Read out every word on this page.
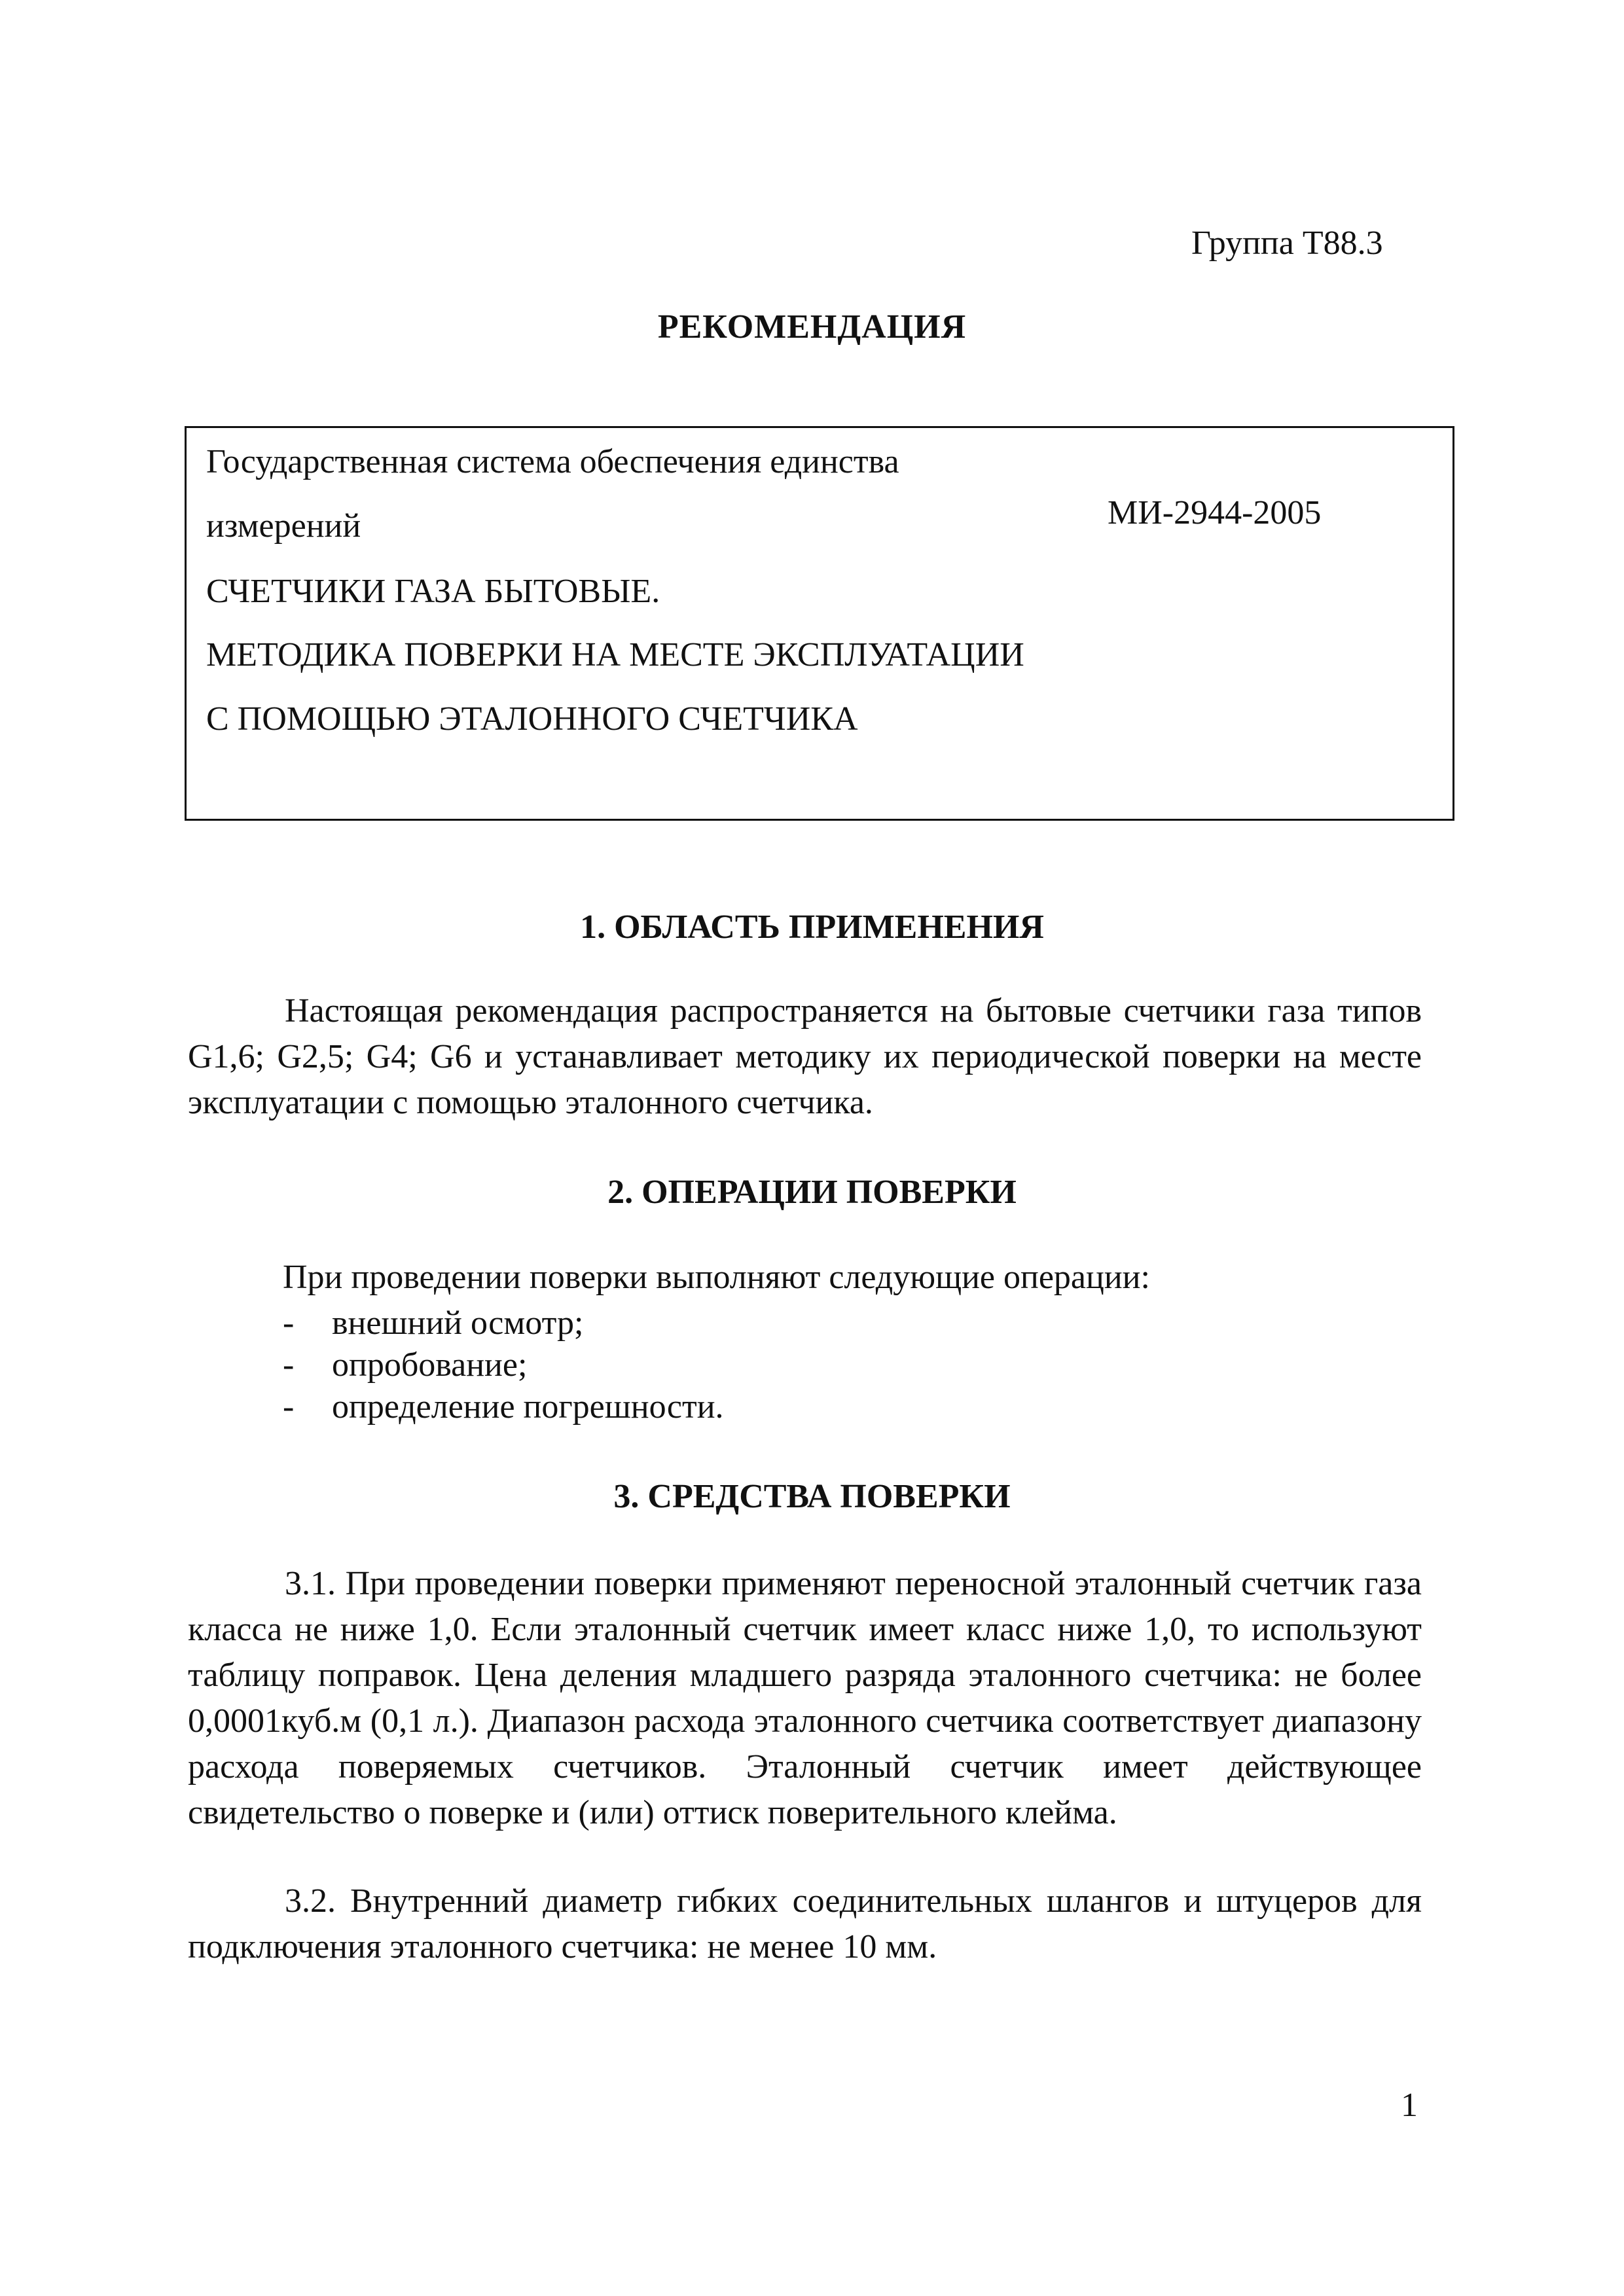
Группа Т88.3
РЕКОМЕНДАЦИЯ
Государственная система обеспечения единства
измерений	МИ-2944-2005
СЧЕТЧИКИ ГАЗА БЫТОВЫЕ.
МЕТОДИКА ПОВЕРКИ НА МЕСТЕ ЭКСПЛУАТАЦИИ
С ПОМОЩЬЮ ЭТАЛОННОГО СЧЕТЧИКА
1. ОБЛАСТЬ ПРИМЕНЕНИЯ

Настоящая рекомендация распространяется на бытовые счетчики газа типов G1,6; G2,5; G4; G6 и устанавливает методику их периодической поверки на месте эксплуатации с помощью эталонного счетчика.

2. ОПЕРАЦИИ ПОВЕРКИ
При проведении поверки выполняют следующие операции:
- внешний осмотр;
- опробование;
- определение погрешности.
3. СРЕДСТВА ПОВЕРКИ

3.1. При проведении поверки применяют переносной эталонный счетчик газа класса не ниже 1,0. Если эталонный счетчик имеет класс ниже 1,0, то используют таблицу поправок. Цена деления младшего разряда эталонного счетчика: не более 0,0001куб.м (0,1 л.). Диапазон расхода эталонного счетчика соответствует диапазону расхода поверяемых счетчиков. Эталонный счетчик имеет действующее свидетельство о поверке и (или) оттиск поверительного клейма.

3.2. Внутренний диаметр гибких соединительных шлангов и штуцеров для подключения эталонного счетчика: не менее 10 мм.

1
